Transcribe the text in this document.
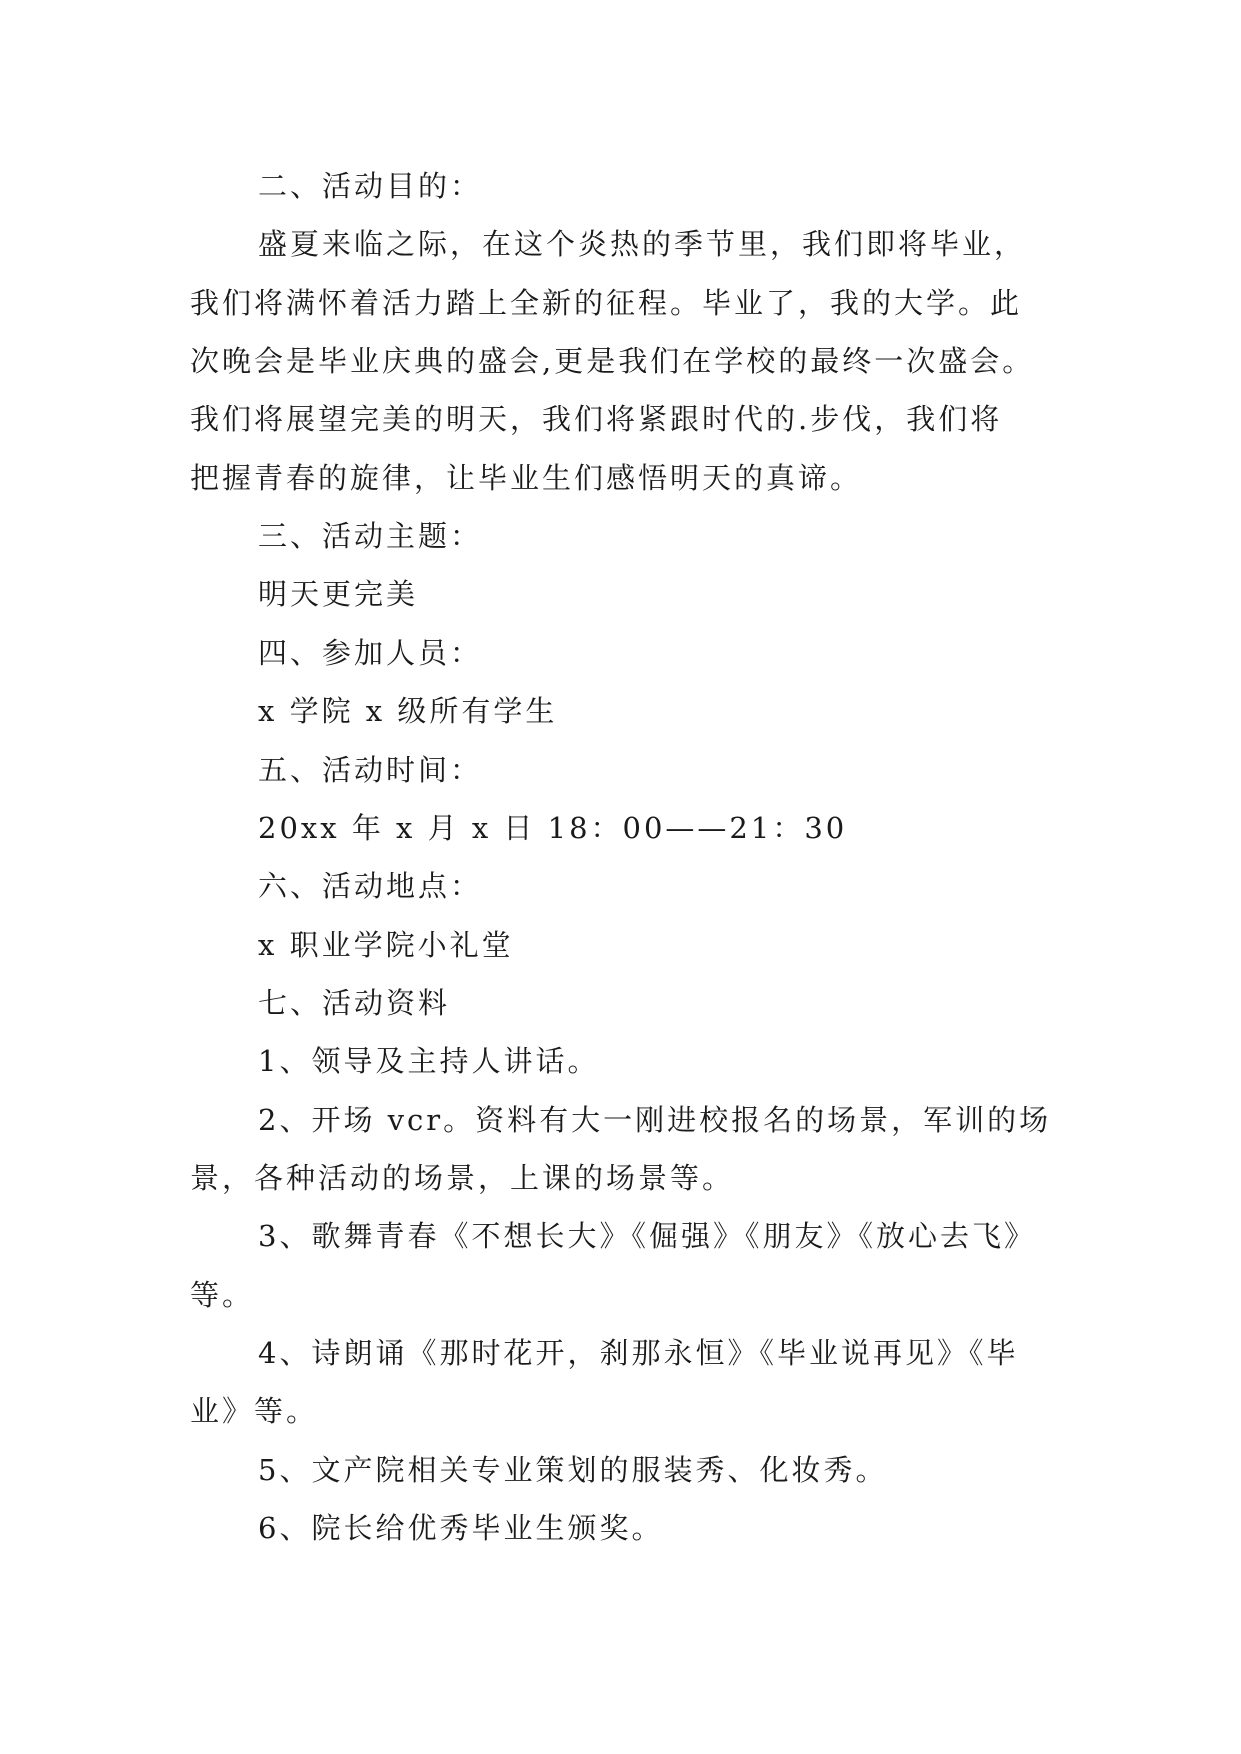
二、活动目的：
盛夏来临之际，在这个炎热的季节里，我们即将毕业，
我们将满怀着活力踏上全新的征程。毕业了，我的大学。此
次晚会是毕业庆典的盛会,更是我们在学校的最终一次盛会。
我们将展望完美的明天，我们将紧跟时代的.步伐，我们将
把握青春的旋律，让毕业生们感悟明天的真谛。
三、活动主题：
明天更完美
四、参加人员：
x 学院 x 级所有学生
五、活动时间：
20xx 年 x 月 x 日 18：00——21：30
六、活动地点：
x 职业学院小礼堂
七、活动资料
1、领导及主持人讲话。
2、开场 vcr。资料有大一刚进校报名的场景，军训的场
景，各种活动的场景，上课的场景等。
3、歌舞青春《不想长大》《倔强》《朋友》《放心去飞》
等。
4、诗朗诵《那时花开，刹那永恒》《毕业说再见》《毕
业》等。
5、文产院相关专业策划的服装秀、化妆秀。
6、院长给优秀毕业生颁奖。
